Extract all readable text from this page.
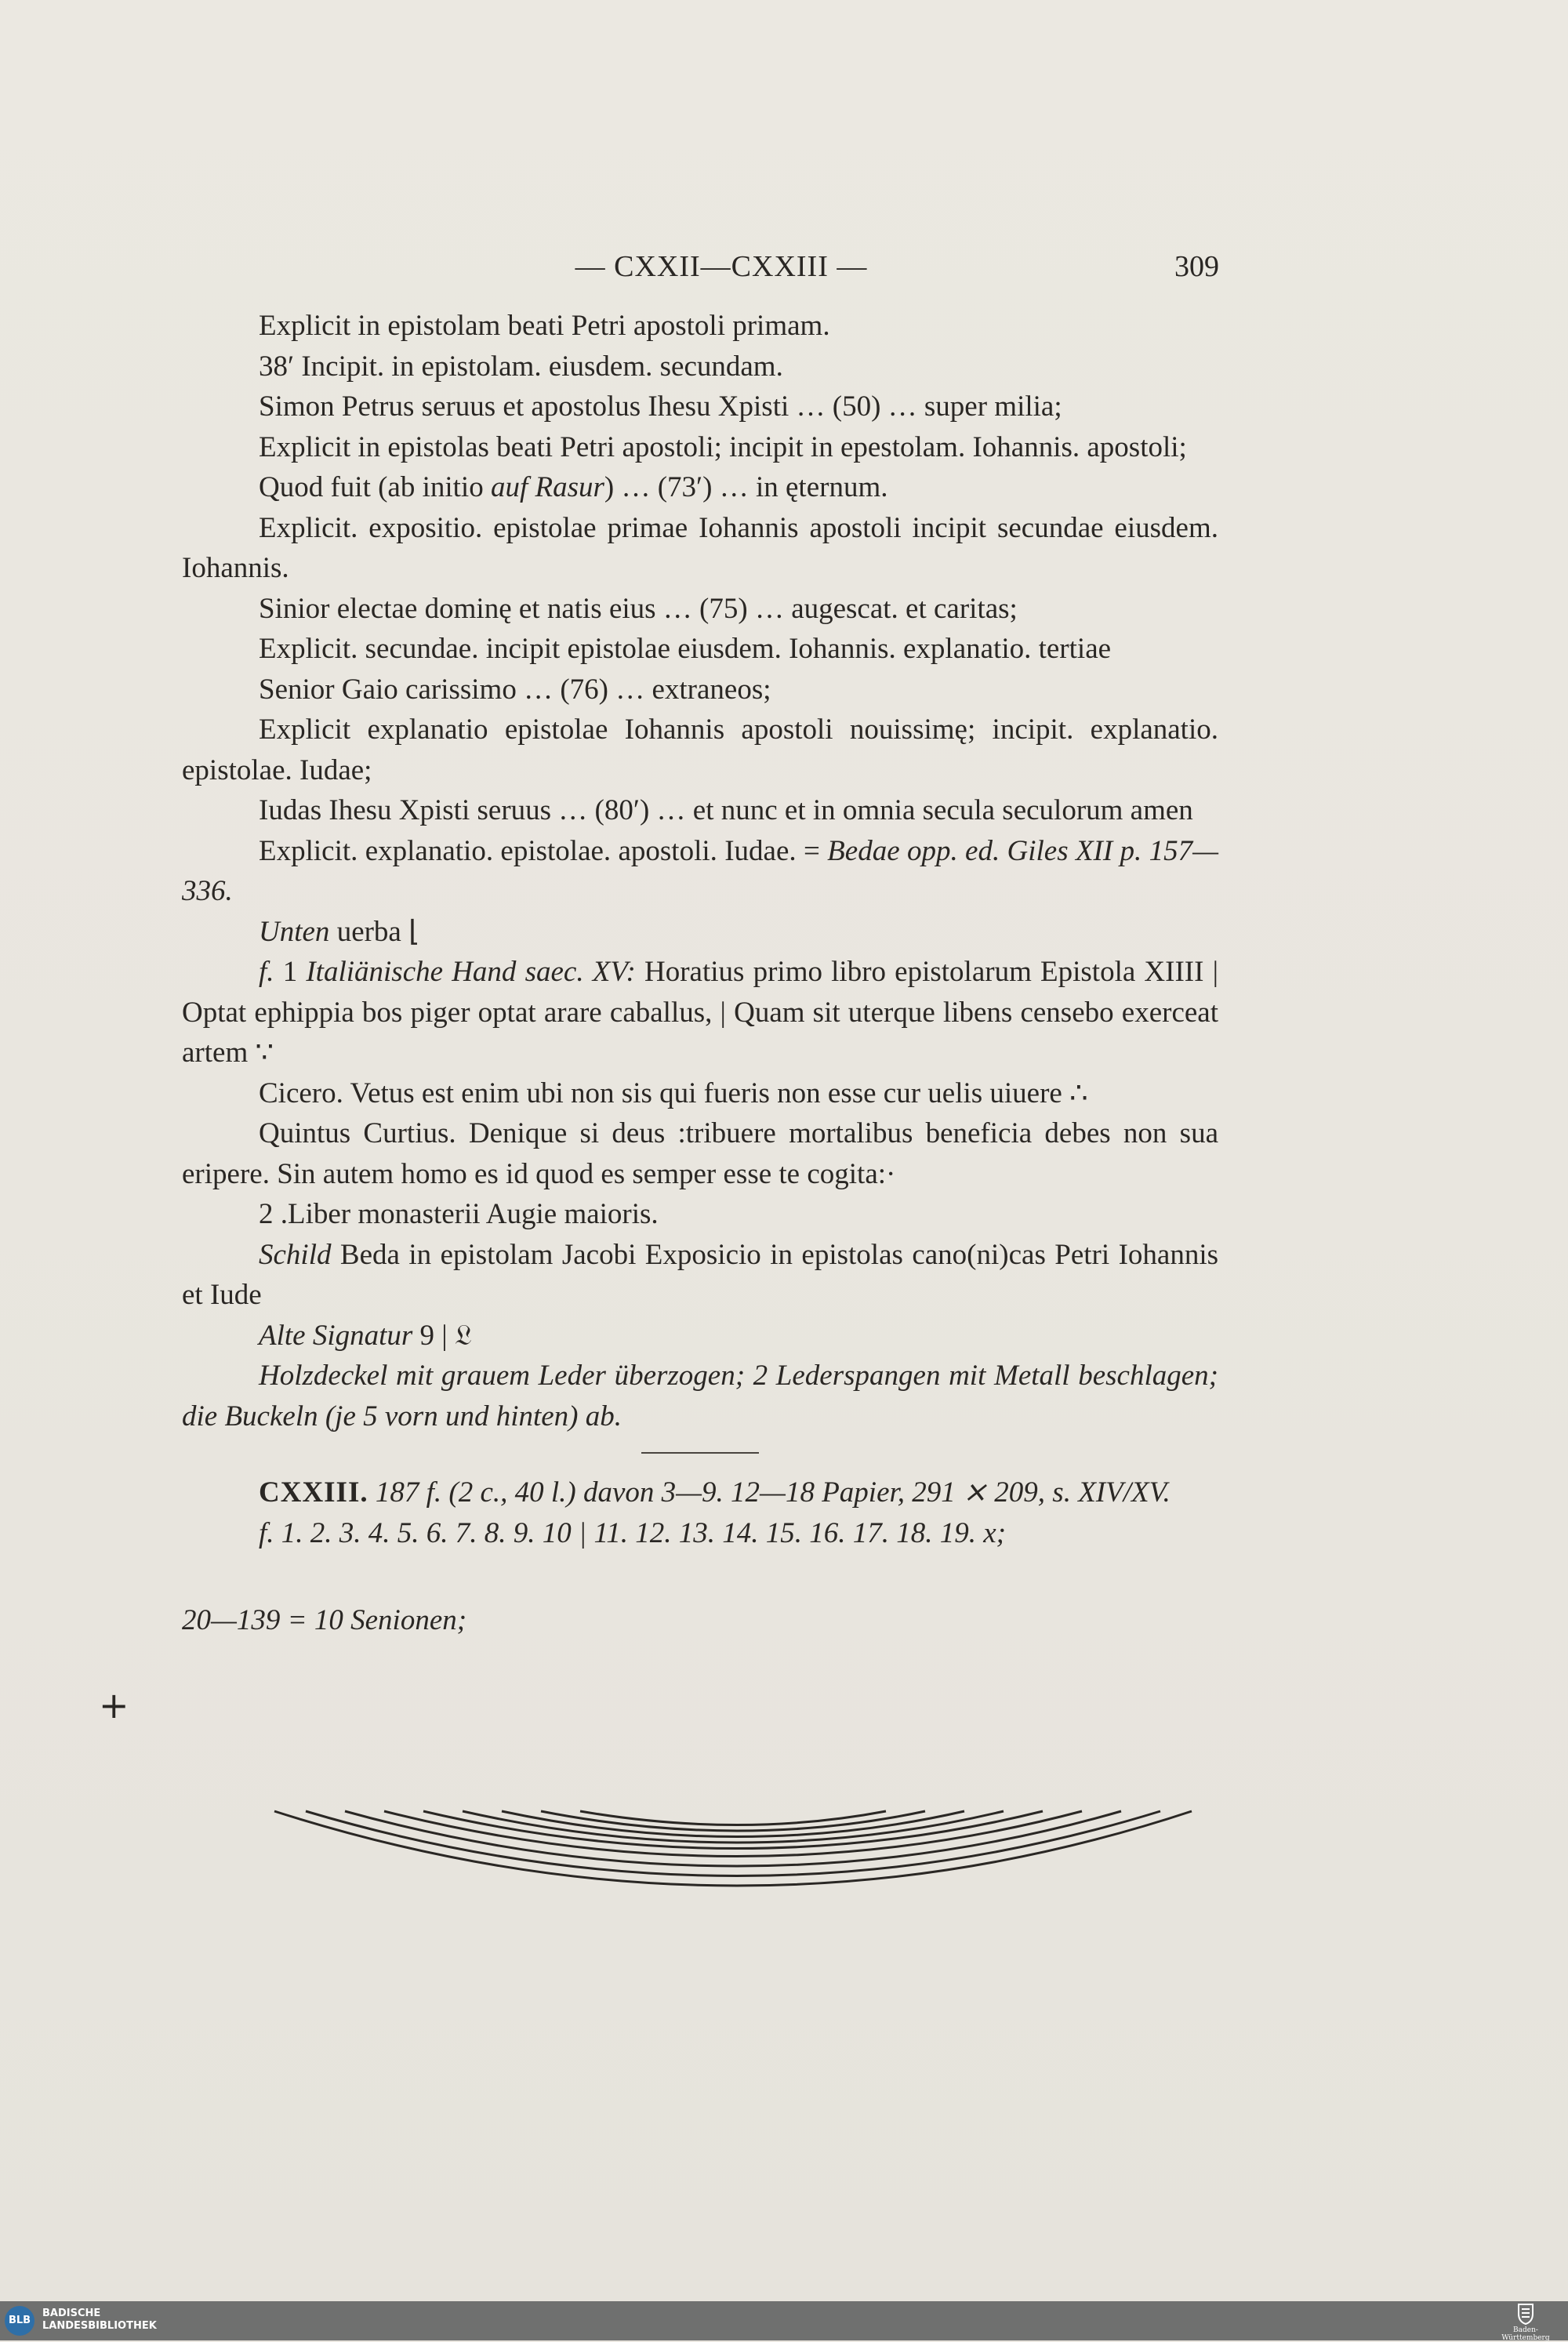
— CXXII—CXXIII —	309
+

Explicit in epistolam beati Petri apostoli primam.

38′ Incipit. in epistolam. eiusdem. secundam.

Simon Petrus seruus et apostolus Ihesu Xpisti … (50) … super milia;

Explicit in epistolas beati Petri apostoli; incipit in epestolam. Iohannis. apostoli;

Quod fuit (ab initio auf Rasur) … (73′) … in ęternum.

Explicit. expositio. epistolae primae Iohannis apostoli incipit secundae eiusdem. Iohannis.

Sinior electae dominę et natis eius … (75) … augescat. et caritas;

Explicit. secundae. incipit epistolae eiusdem. Iohannis. explanatio. tertiae

Senior Gaio carissimo … (76) … extraneos;

Explicit explanatio epistolae Iohannis apostoli nouissimę; incipit. explanatio. epistolae. Iudae;

Iudas Ihesu Xpisti seruus … (80′) … et nunc et in omnia secula seculorum amen

Explicit. explanatio. epistolae. apostoli. Iudae. = Bedae opp. ed. Giles XII p. 157—336.

Unten uerba ⌊

f. 1 Italiänische Hand saec. XV: Horatius primo libro epistolarum Epistola XIIII | Optat ephippia bos piger optat arare caballus, | Quam sit uterque libens censebo exerceat artem ∵

Cicero. Vetus est enim ubi non sis qui fueris non esse cur uelis uiuere ∴

Quintus Curtius. Denique si deus :tribuere mortalibus beneficia debes non sua eripere. Sin autem homo es id quod es semper esse te cogita:·

2 .Liber monasterii Augie maioris.

Schild Beda in epistolam Jacobi Exposicio in epistolas cano(ni)cas Petri Iohannis et Iude

Alte Signatur 9 | 𝔏

Holzdeckel mit grauem Leder überzogen; 2 Lederspangen mit Metall beschlagen; die Buckeln (je 5 vorn und hinten) ab.

CXXIII. 187 f. (2 c., 40 l.) davon 3—9. 12—18 Papier, 291 ⨯ 209, s. XIV/XV.

f. 1. 2. 3. 4. 5. 6. 7. 8. 9. 10 | 11. 12. 13. 14. 15. 16. 17. 18. 19. x;

20—139 = 10 Senionen;

BLB
BADISCHE
LANDESBIBLIOTHEK	Baden-Württemberg
